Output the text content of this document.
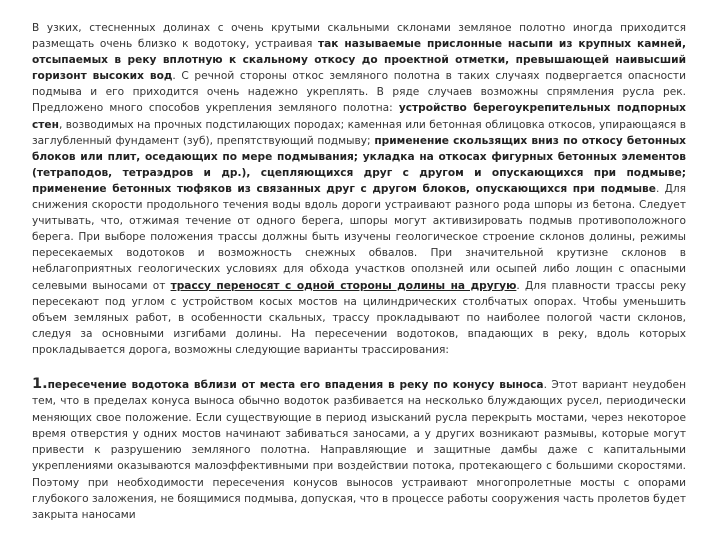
В узких, стесненных долинах с очень крутыми скальными склонами земляное полотно иногда приходится размещать очень близко к водотоку, устраивая так называемые прислонные насыпи из крупных камней, отсыпаемых в реку вплотную к скальному откосу до проектной отметки, превышающей наивысший горизонт высоких вод. С речной стороны откос земляного полотна в таких случаях подвергается опасности подмыва и его приходится очень надежно укреплять. В ряде случаев возможны спрямления русла рек. Предложено много способов укрепления земляного полотна: устройство берегоукрепительных подпорных стен, возводимых на прочных подстилающих породах; каменная или бетонная облицовка откосов, упирающаяся в заглубленный фундамент (зуб), препятствующий подмыву; применение скользящих вниз по откосу бетонных блоков или плит, оседающих по мере подмывания; укладка на откосах фигурных бетонных элементов (тетраподов, тетраэдров и др.), сцепляющихся друг с другом и опускающихся при подмыве; применение бетонных тюфяков из связанных друг с другом блоков, опускающихся при подмыве. Для снижения скорости продольного течения воды вдоль дороги устраивают разного рода шпоры из бетона. Следует учитывать, что, отжимая течение от одного берега, шпоры могут активизировать подмыв противоположного берега. При выборе положения трассы должны быть изучены геологическое строение склонов долины, режимы пересекаемых водотоков и возможность снежных обвалов. При значительной крутизне склонов в неблагоприятных геологических условиях для обхода участков оползней или осыпей либо лощин с опасными селевыми выносами от трассу переносят с одной стороны долины на другую. Для плавности трассы реку пересекают под углом с устройством косых мостов на цилиндрических столбчатых опорах. Чтобы уменьшить объем земляных работ, в особенности скальных, трассу прокладывают по наиболее пологой части склонов, следуя за основными изгибами долины. На пересечении водотоков, впадающих в реку, вдоль которых прокладывается дорога, возможны следующие варианты трассирования:

1.пересечение водотока вблизи от места его впадения в реку по конусу выноса. Этот вариант неудобен тем, что в пределах конуса выноса обычно водоток разбивается на несколько блуждающих русел, периодически меняющих свое положение. Если существующие в период изысканий русла перекрыть мостами, через некоторое время отверстия у одних мостов начинают забиваться заносами, а у других возникают размывы, которые могут привести к разрушению земляного полотна. Направляющие и защитные дамбы даже с капитальными укреплениями оказываются малоэффективными при воздействии потока, протекающего с большими скоростями. Поэтому при необходимости пересечения конусов выносов устраивают многопролетные мосты с опорами глубокого заложения, не боящимися подмыва, допуская, что в процессе работы сооружения часть пролетов будет закрыта наносами
